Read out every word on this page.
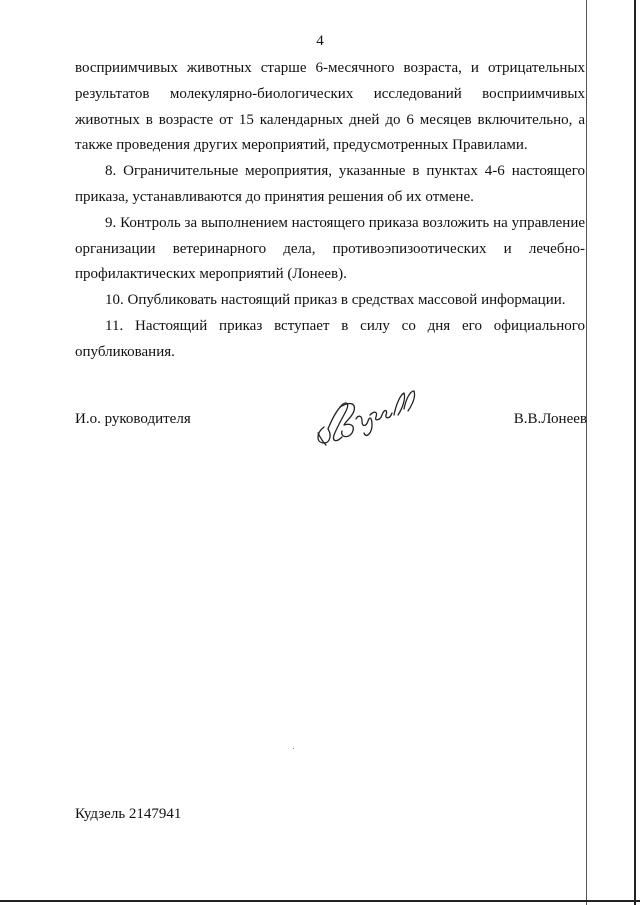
4

восприимчивых животных старше 6-месячного возраста, и отрицательных результатов молекулярно-биологических исследований восприимчивых животных в возрасте от 15 календарных дней до 6 месяцев включительно, а также проведения других мероприятий, предусмотренных Правилами.

8. Ограничительные мероприятия, указанные в пунктах 4-6 настоящего приказа, устанавливаются до принятия решения об их отмене.

9. Контроль за выполнением настоящего приказа возложить на управление организации ветеринарного дела, противоэпизоотических и лечебно-профилактических мероприятий (Лонеев).

10. Опубликовать настоящий приказ в средствах массовой информации.

11. Настоящий приказ вступает в силу со дня его официального опубликования.

И.о. руководителя	В.В.Лонеев
Кудзель 2147941
